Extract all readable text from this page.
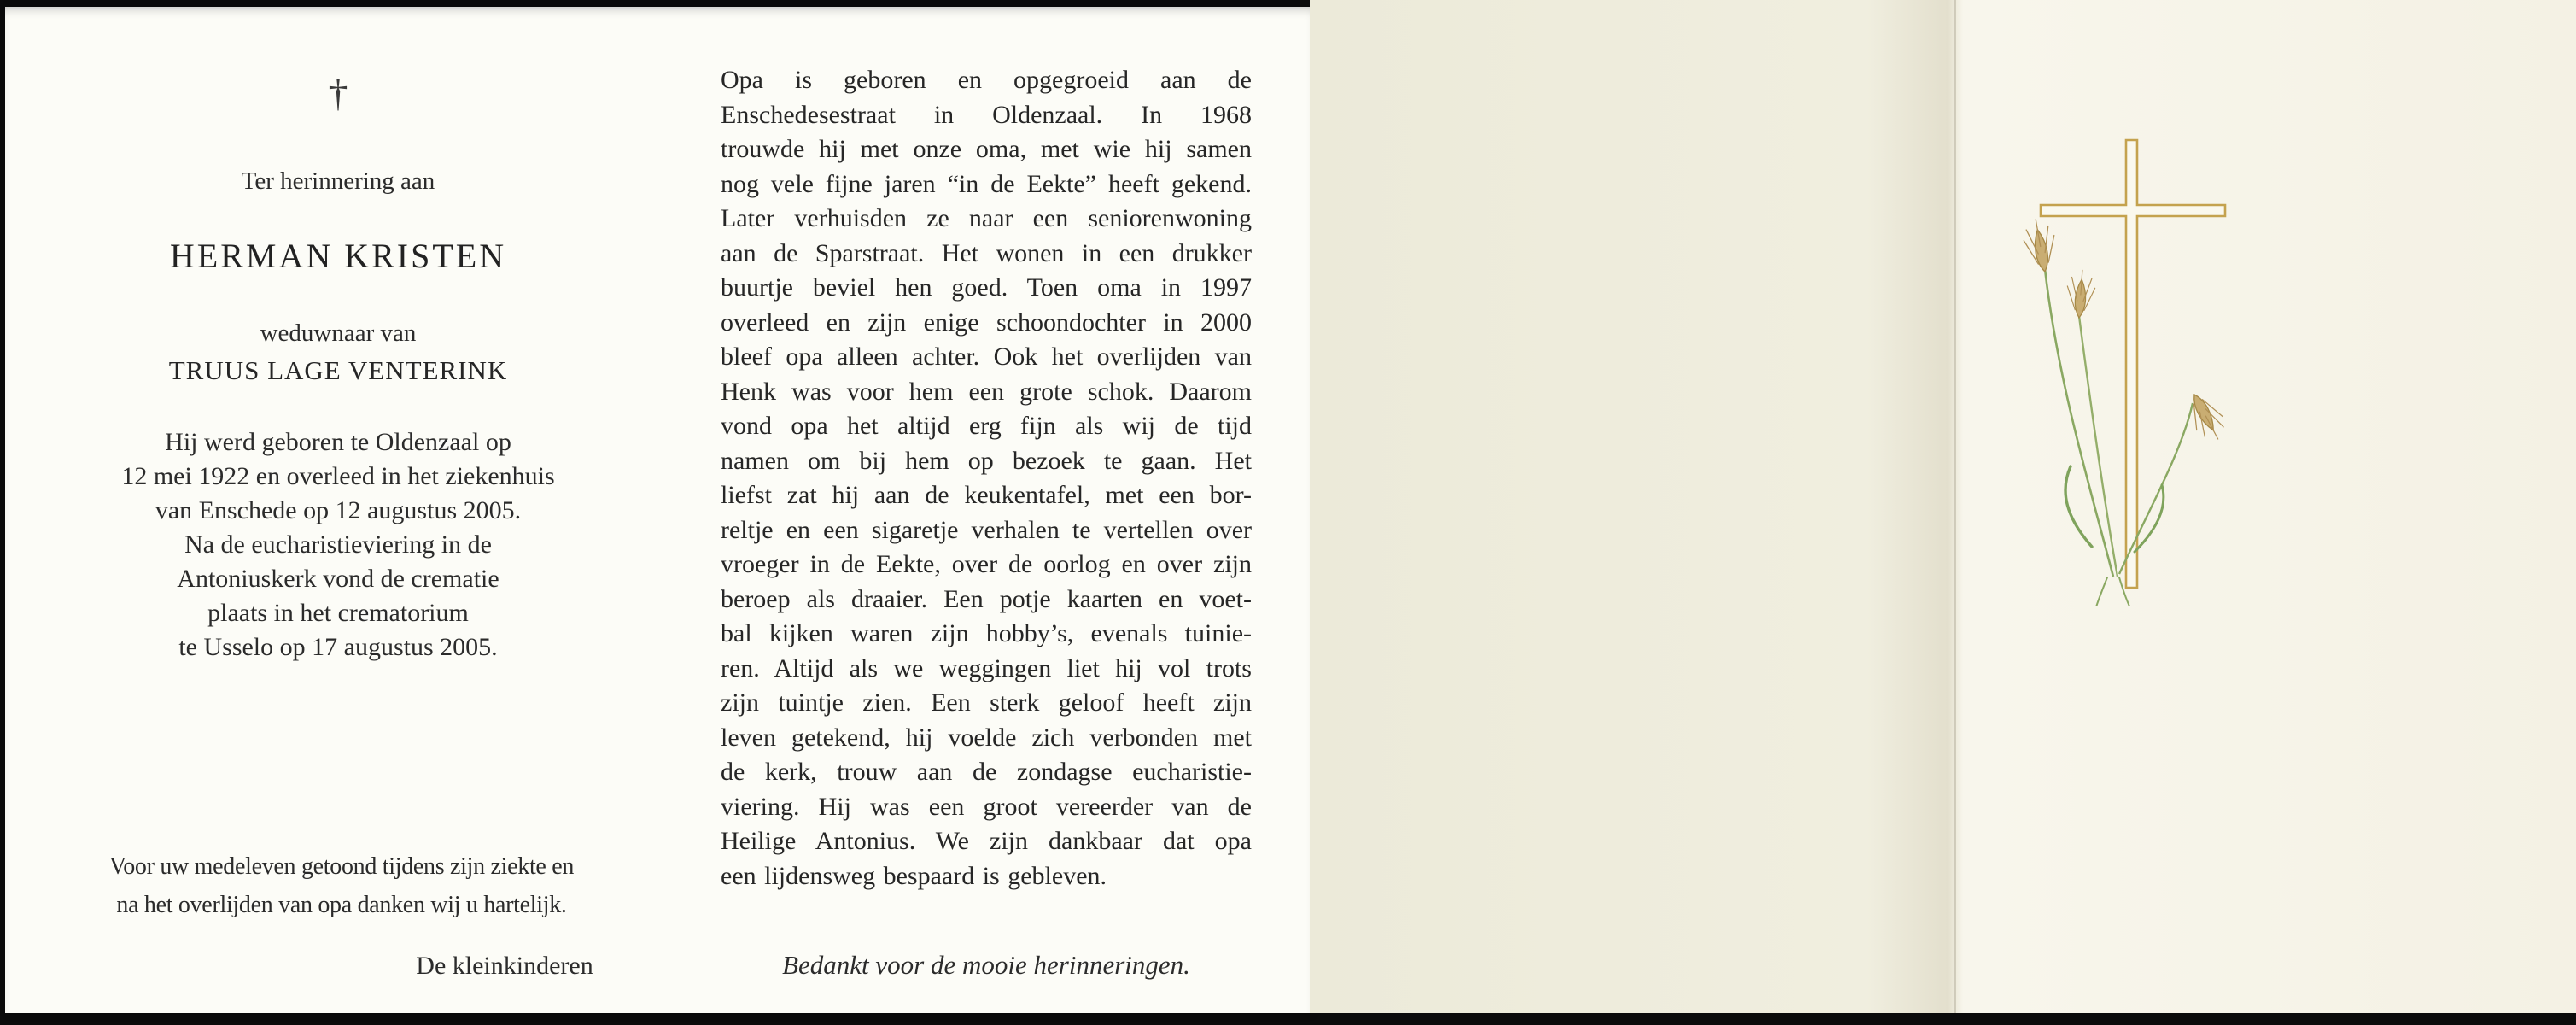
†
Ter herinnering aan
HERMAN KRISTEN
weduwnaar van
TRUUS LAGE VENTERINK
Hij werd geboren te Oldenzaal op
12 mei 1922 en overleed in het ziekenhuis
van Enschede op 12 augustus 2005.
Na de eucharistieviering in de
Antoniuskerk vond de crematie
plaats in het crematorium
te Usselo op 17 augustus 2005.
Voor uw medeleven getoond tijdens zijn ziekte en
na het overlijden van opa danken wij u hartelijk.
De kleinkinderen
Opa is geboren en opgegroeid aan de
Enschedesestraat in Oldenzaal. In 1968
trouwde hij met onze oma, met wie hij samen
nog vele fijne jaren “in de Eekte” heeft gekend.
Later verhuisden ze naar een seniorenwoning
aan de Sparstraat. Het wonen in een drukker
buurtje beviel hen goed. Toen oma in 1997
overleed en zijn enige schoondochter in 2000
bleef opa alleen achter. Ook het overlijden van
Henk was voor hem een grote schok. Daarom
vond opa het altijd erg fijn als wij de tijd
namen om bij hem op bezoek te gaan. Het
liefst zat hij aan de keukentafel, met een bor-
reltje en een sigaretje verhalen te vertellen over
vroeger in de Eekte, over de oorlog en over zijn
beroep als draaier. Een potje kaarten en voet-
bal kijken waren zijn hobby’s, evenals tuinie-
ren. Altijd als we weggingen liet hij vol trots
zijn tuintje zien. Een sterk geloof heeft zijn
leven getekend, hij voelde zich verbonden met
de kerk, trouw aan de zondagse eucharistie-
viering. Hij was een groot vereerder van de
Heilige Antonius. We zijn dankbaar dat opa
een lijdensweg bespaard is gebleven.
Bedankt voor de mooie herinneringen.
